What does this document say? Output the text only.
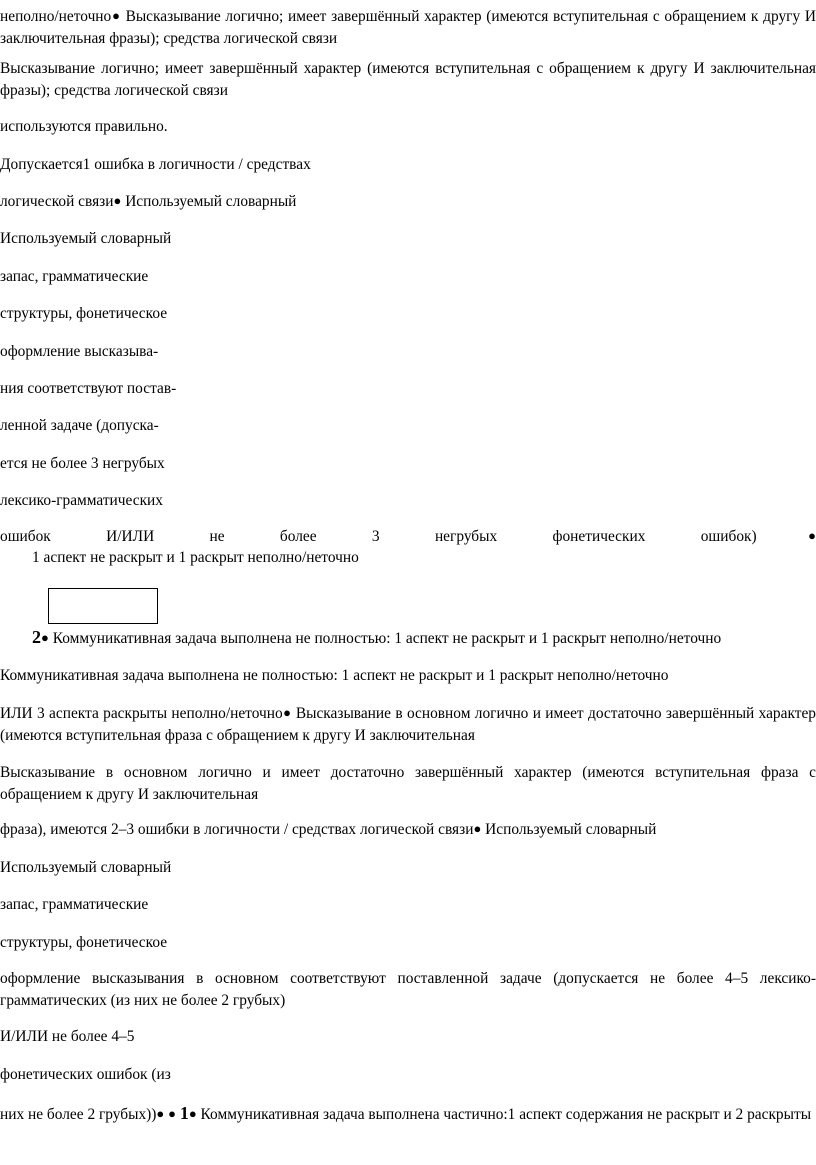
неполно/неточно● Высказывание логично; имеет завершённый характер (имеются вступительная с обращением к другу И заключительная фразы); средства логической связи

Высказывание логично; имеет завершённый характер (имеются вступительная с обращением к другу И заключительная фразы); средства логической связи

используются правильно.

Допускается1 ошибка в логичности / средствах

логической связи● Используемый словарный

Используемый словарный

запас, грамматические

структуры, фонетическое

оформление высказыва-

ния соответствуют постав-

ленной задаче (допуска-

ется не более 3 негрубых

лексико-грамматических

ошибок И/ИЛИ не более 3 негрубых фонетических ошибок)●

1 аспект не раскрыт и 1 раскрыт неполно/неточно

2● Коммуникативная задача выполнена не полностью: 1 аспект не раскрыт и 1 раскрыт неполно/неточно

Коммуникативная задача выполнена не полностью: 1 аспект не раскрыт и 1 раскрыт неполно/неточно

ИЛИ 3 аспекта раскрыты неполно/неточно● Высказывание в основном логично и имеет достаточно завершённый характер (имеются вступительная фраза с обращением к другу И заключительная

Высказывание в основном логично и имеет достаточно завершённый характер (имеются вступительная фраза с обращением к другу И заключительная

фраза), имеются 2–3 ошибки в логичности / средствах логической связи● Используемый словарный

Используемый словарный

запас, грамматические

структуры, фонетическое

оформление высказывания в основном соответствуют поставленной задаче (допускается не более 4–5 лексико-грамматических (из них не более 2 грубых)

И/ИЛИ не более 4–5

фонетических ошибок (из

них не более 2 грубых))● ● 1● Коммуникативная задача выполнена частично:1 аспект содержания не раскрыт и 2 раскрыты
